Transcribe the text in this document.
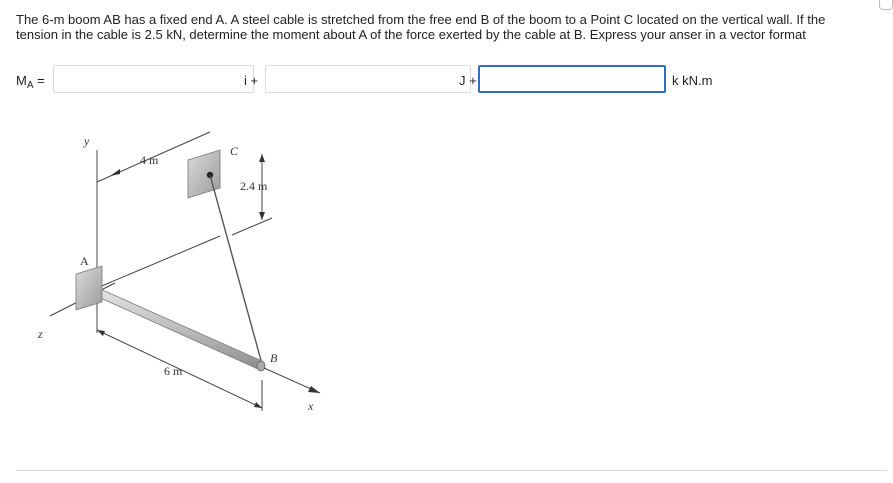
The 6-m boom AB has a fixed end A. A steel cable is stretched from the free end B of the boom to a Point C located on the vertical wall. If the tension in the cable is 2.5 kN, determine the moment about A of the force exerted by the cable at B. Express your anser in a vector format
$M_A$ =	i +	J +	k kN.m
y
z
4 m
2.4 m
C
A
x
B
6 m
